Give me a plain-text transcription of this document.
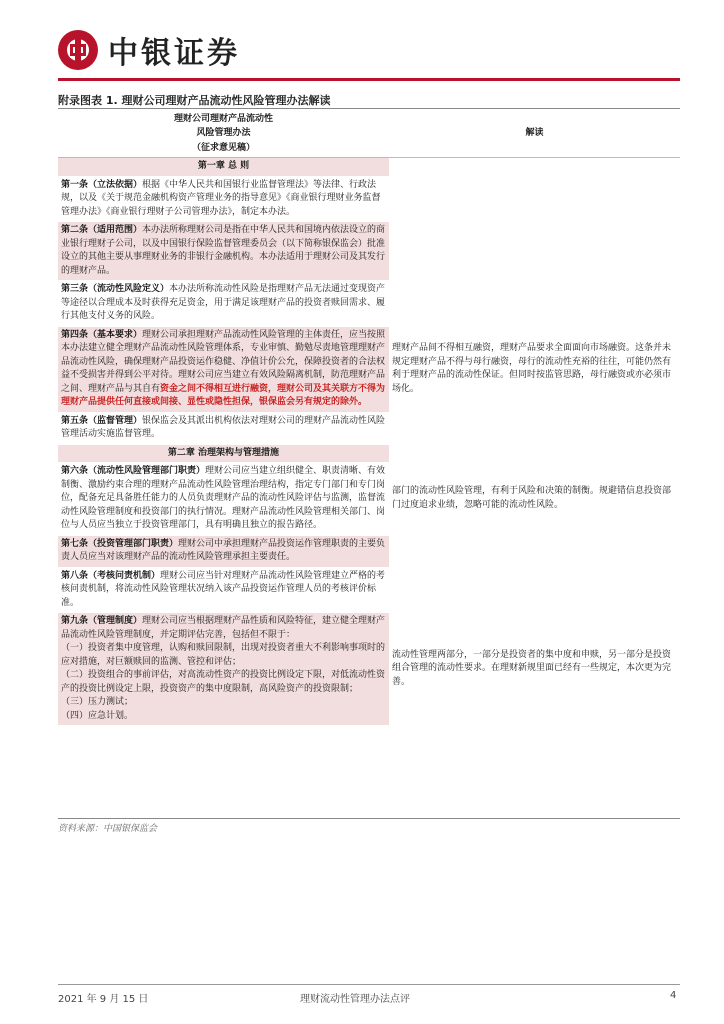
中银证券
附录图表 1. 理财公司理财产品流动性风险管理办法解读
理财公司理财产品流动性
风险管理办法
（征求意见稿）	解读

第一章 总 则	

第一条（立法依据）根据《中华人民共和国银行业监督管理法》等法律、行政法规，以及《关于规范金融机构资产管理业务的指导意见》《商业银行理财业务监督管理办法》《商业银行理财子公司管理办法》，制定本办法。	

第二条（适用范围）本办法所称理财公司是指在中华人民共和国境内依法设立的商业银行理财子公司，以及中国银行保险监督管理委员会（以下简称银保监会）批准设立的其他主要从事理财业务的非银行金融机构。本办法适用于理财公司及其发行的理财产品。	

第三条（流动性风险定义）本办法所称流动性风险是指理财产品无法通过变现资产等途径以合理成本及时获得充足资金，用于满足该理财产品的投资者赎回需求、履行其他支付义务的风险。	

第四条（基本要求）理财公司承担理财产品流动性风险管理的主体责任，应当按照本办法建立健全理财产品流动性风险管理体系，专业审慎、勤勉尽责地管理理财产品流动性风险，确保理财产品投资运作稳健、净值计价公允，保障投资者的合法权益不受损害并得到公平对待。理财公司应当建立有效风险隔离机制，防范理财产品之间、理财产品与其自有资金之间不得相互进行融资，理财公司及其关联方不得为理财产品提供任何直接或间接、显性或隐性担保，银保监会另有规定的除外。	理财产品间不得相互融资，理财产品要求全面面向市场融资。这条并未规定理财产品不得与母行融资，母行的流动性充裕的往往，可能仍然有利于理财产品的流动性保证。但同时按监管思路，母行融资或亦必须市场化。

第五条（监督管理）银保监会及其派出机构依法对理财公司的理财产品流动性风险管理活动实施监督管理。	

第二章 治理架构与管理措施	

第六条（流动性风险管理部门职责）理财公司应当建立组织健全、职责清晰、有效制衡、激励约束合理的理财产品流动性风险管理治理结构，指定专门部门和专门岗位，配备充足具备胜任能力的人员负责理财产品的流动性风险评估与监测，监督流动性风险管理制度和投资部门的执行情况。理财产品流动性风险管理相关部门、岗位与人员应当独立于投资管理部门，具有明确且独立的报告路径。	部门的流动性风险管理，有利于风险和决策的制衡。规避错信息投资部门过度追求业绩，忽略可能的流动性风险。

第七条（投资管理部门职责）理财公司中承担理财产品投资运作管理职责的主要负责人员应当对该理财产品的流动性风险管理承担主要责任。	

第八条（考核问责机制）理财公司应当针对理财产品流动性风险管理建立严格的考核问责机制，将流动性风险管理状况纳入该产品投资运作管理人员的考核评价标准。	

第九条（管理制度）理财公司应当根据理财产品性质和风险特征，建立健全理财产品流动性风险管理制度，并定期评估完善，包括但不限于：
（一）投资者集中度管理，认购和赎回限制，出现对投资者重大不利影响事项时的应对措施，对巨额赎回的监测、管控和评估；
（二）投资组合的事前评估，对高流动性资产的投资比例设定下限，对低流动性资产的投资比例设定上限，投资资产的集中度限制，高风险资产的投资限制；
（三）压力测试；
（四）应急计划。	流动性管理两部分，一部分是投资者的集中度和申赎，另一部分是投资组合管理的流动性要求。在理财新规里面已经有一些规定，本次更为完善。
资料来源：中国银保监会
2021 年 9 月 15 日	理财流动性管理办法点评	4
